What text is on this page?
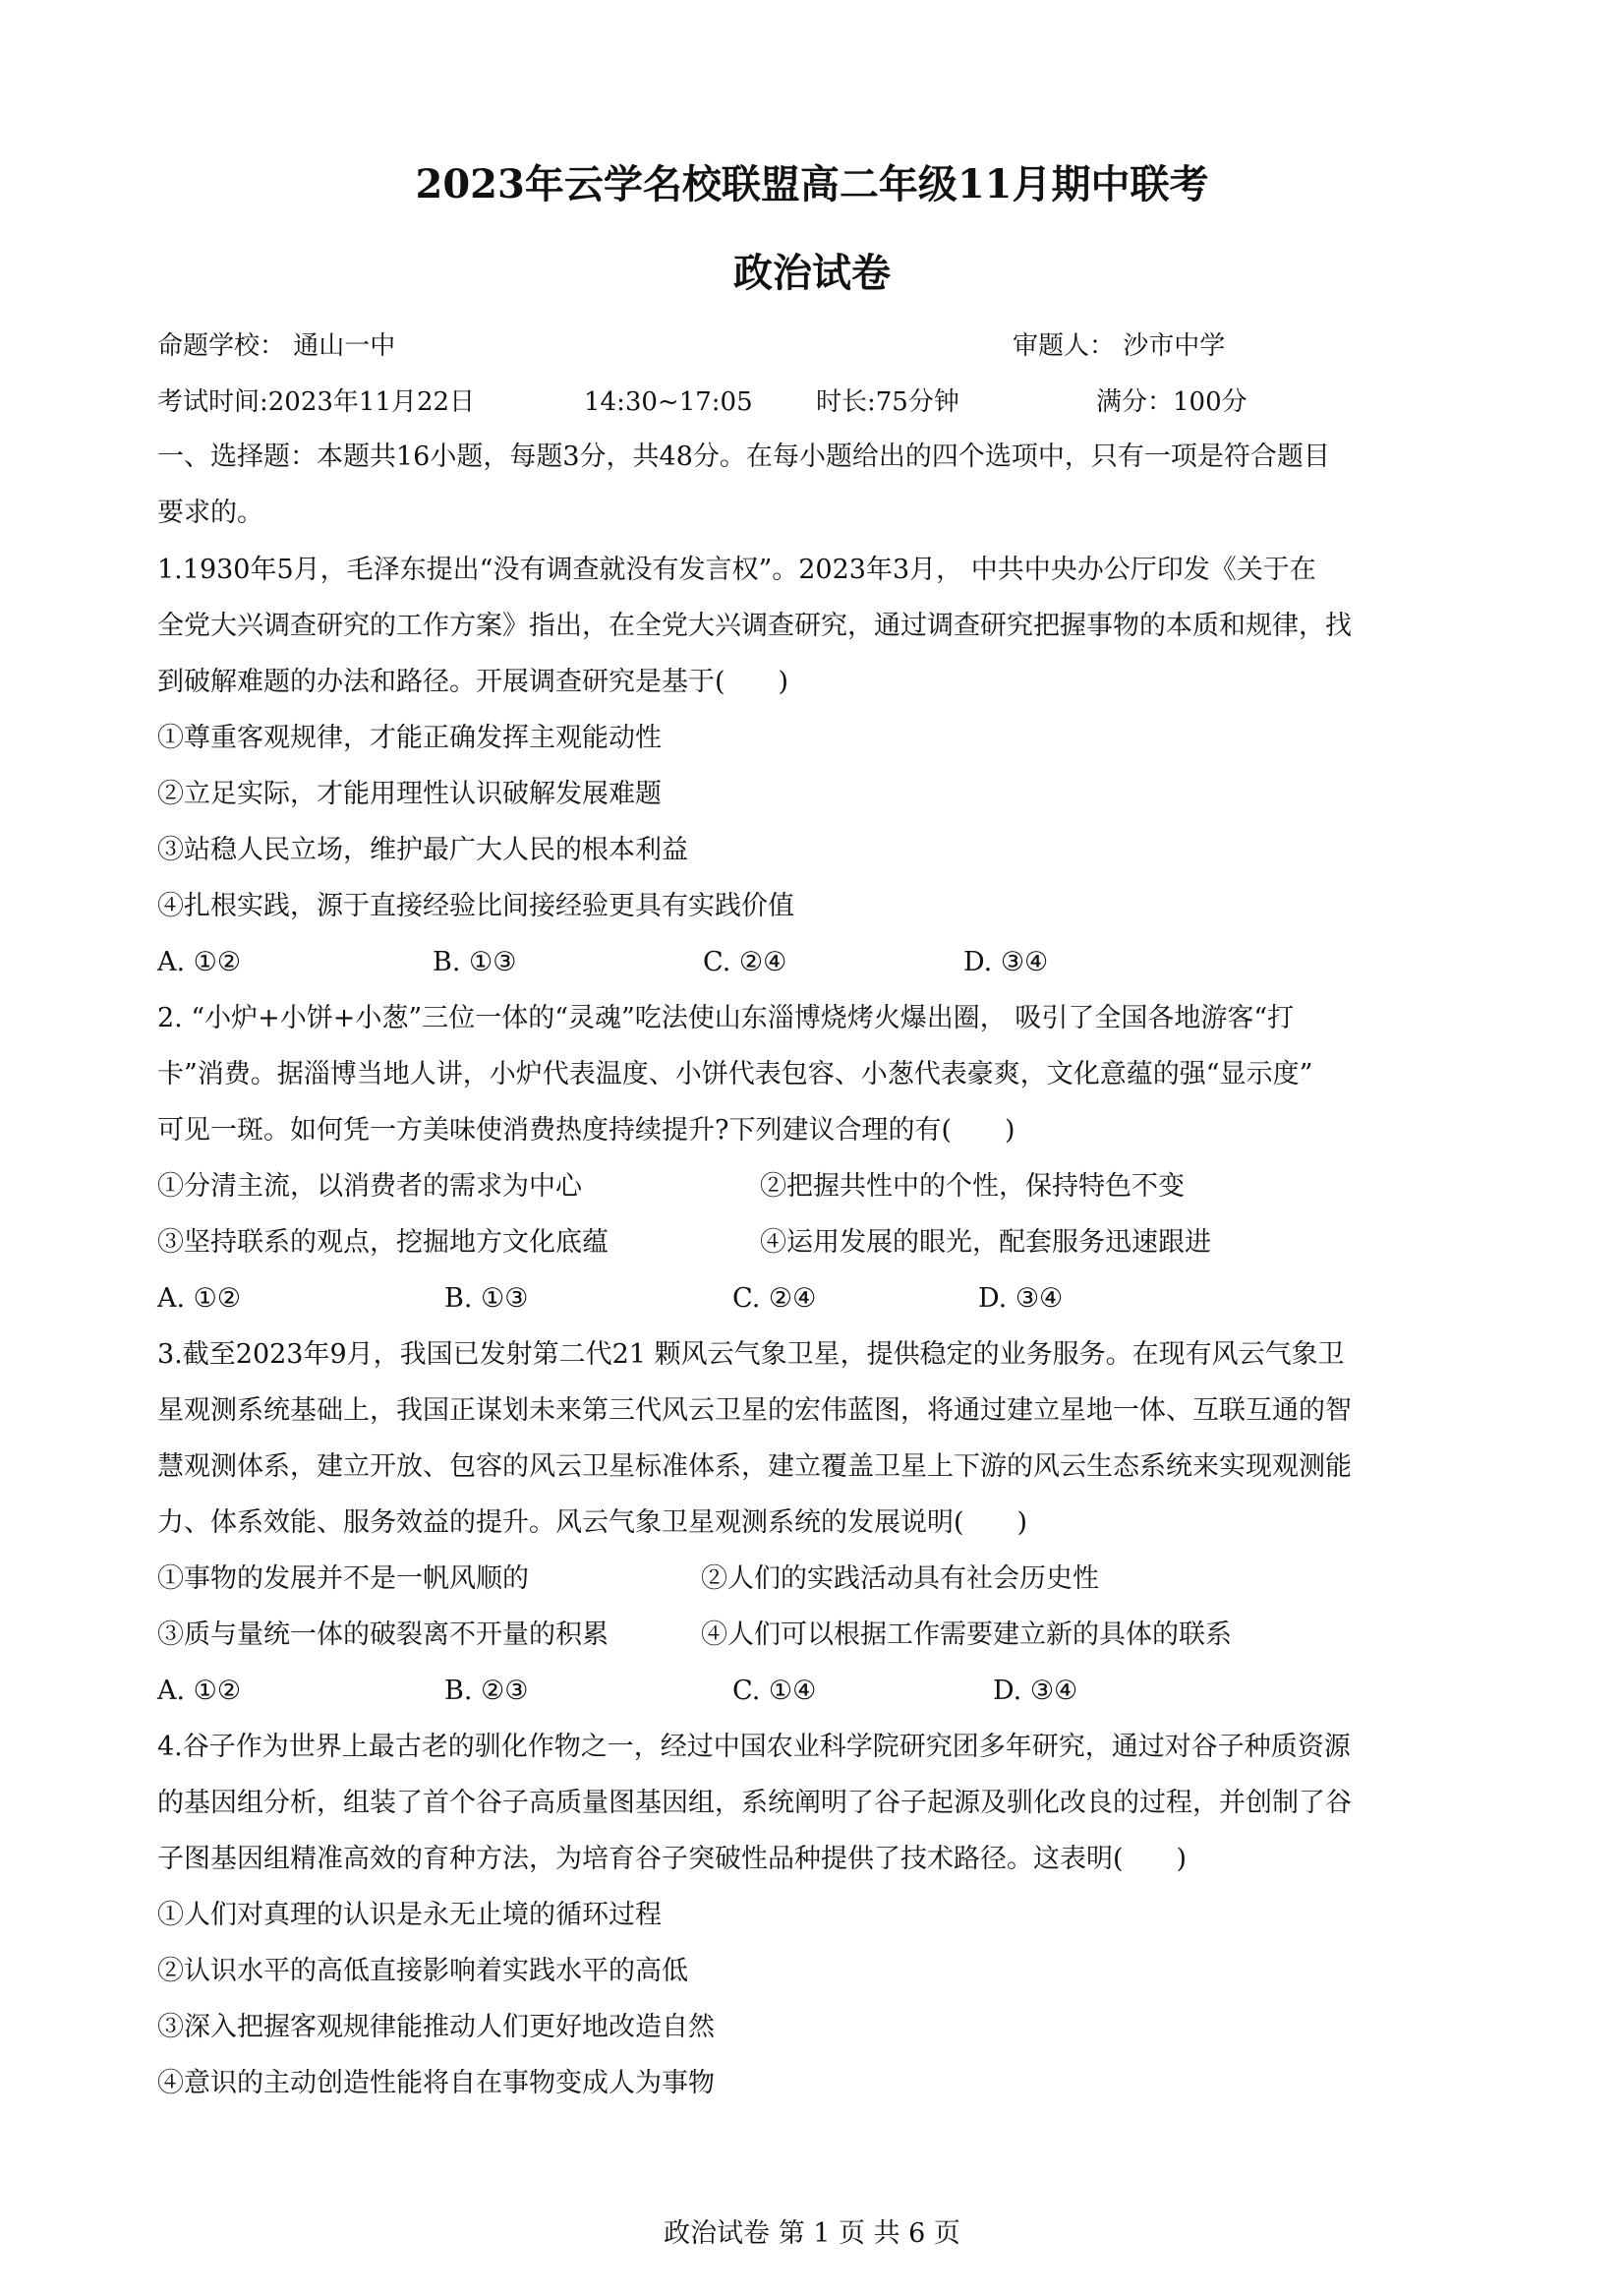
2023年云学名校联盟高二年级11月期中联考
政治试卷
命题学校： 通山一中	审题人： 沙市中学
考试时间:2023年11月22日	14:30~17:05 时长:75分钟	满分：100分
一、选择题：本题共16小题，每题3分，共48分。在每小题给出的四个选项中，只有一项是符合题目
要求的。
1.1930年5月，毛泽东提出“没有调查就没有发言权”。2023年3月， 中共中央办公厅印发《关于在
全党大兴调查研究的工作方案》指出，在全党大兴调查研究，通过调查研究把握事物的本质和规律，找
到破解难题的办法和路径。开展调查研究是基于(　　)
①尊重客观规律，才能正确发挥主观能动性
②立足实际，才能用理性认识破解发展难题
③站稳人民立场，维护最广大人民的根本利益
④扎根实践，源于直接经验比间接经验更具有实践价值
A. ①②	B. ①③	C. ②④	D. ③④
2. “小炉+小饼+小葱”三位一体的“灵魂”吃法使山东淄博烧烤火爆出圈， 吸引了全国各地游客“打
卡”消费。据淄博当地人讲，小炉代表温度、小饼代表包容、小葱代表豪爽，文化意蕴的强“显示度”
可见一斑。如何凭一方美味使消费热度持续提升?下列建议合理的有(　　)
①分清主流，以消费者的需求为中心	②把握共性中的个性，保持特色不变
③坚持联系的观点，挖掘地方文化底蕴	④运用发展的眼光，配套服务迅速跟进
A. ①②	B. ①③	C. ②④	D. ③④
3.截至2023年9月，我国已发射第二代21 颗风云气象卫星，提供稳定的业务服务。在现有风云气象卫
星观测系统基础上，我国正谋划未来第三代风云卫星的宏伟蓝图，将通过建立星地一体、互联互通的智
慧观测体系，建立开放、包容的风云卫星标准体系，建立覆盖卫星上下游的风云生态系统来实现观测能
力、体系效能、服务效益的提升。风云气象卫星观测系统的发展说明(　　)
①事物的发展并不是一帆风顺的	②人们的实践活动具有社会历史性
③质与量统一体的破裂离不开量的积累	④人们可以根据工作需要建立新的具体的联系
A. ①②	B. ②③	C. ①④	D. ③④
4.谷子作为世界上最古老的驯化作物之一，经过中国农业科学院研究团多年研究，通过对谷子种质资源
的基因组分析，组装了首个谷子高质量图基因组，系统阐明了谷子起源及驯化改良的过程，并创制了谷
子图基因组精准高效的育种方法，为培育谷子突破性品种提供了技术路径。这表明(　　)
①人们对真理的认识是永无止境的循环过程
②认识水平的高低直接影响着实践水平的高低
③深入把握客观规律能推动人们更好地改造自然
④意识的主动创造性能将自在事物变成人为事物
政治试卷 第 1 页 共 6 页
